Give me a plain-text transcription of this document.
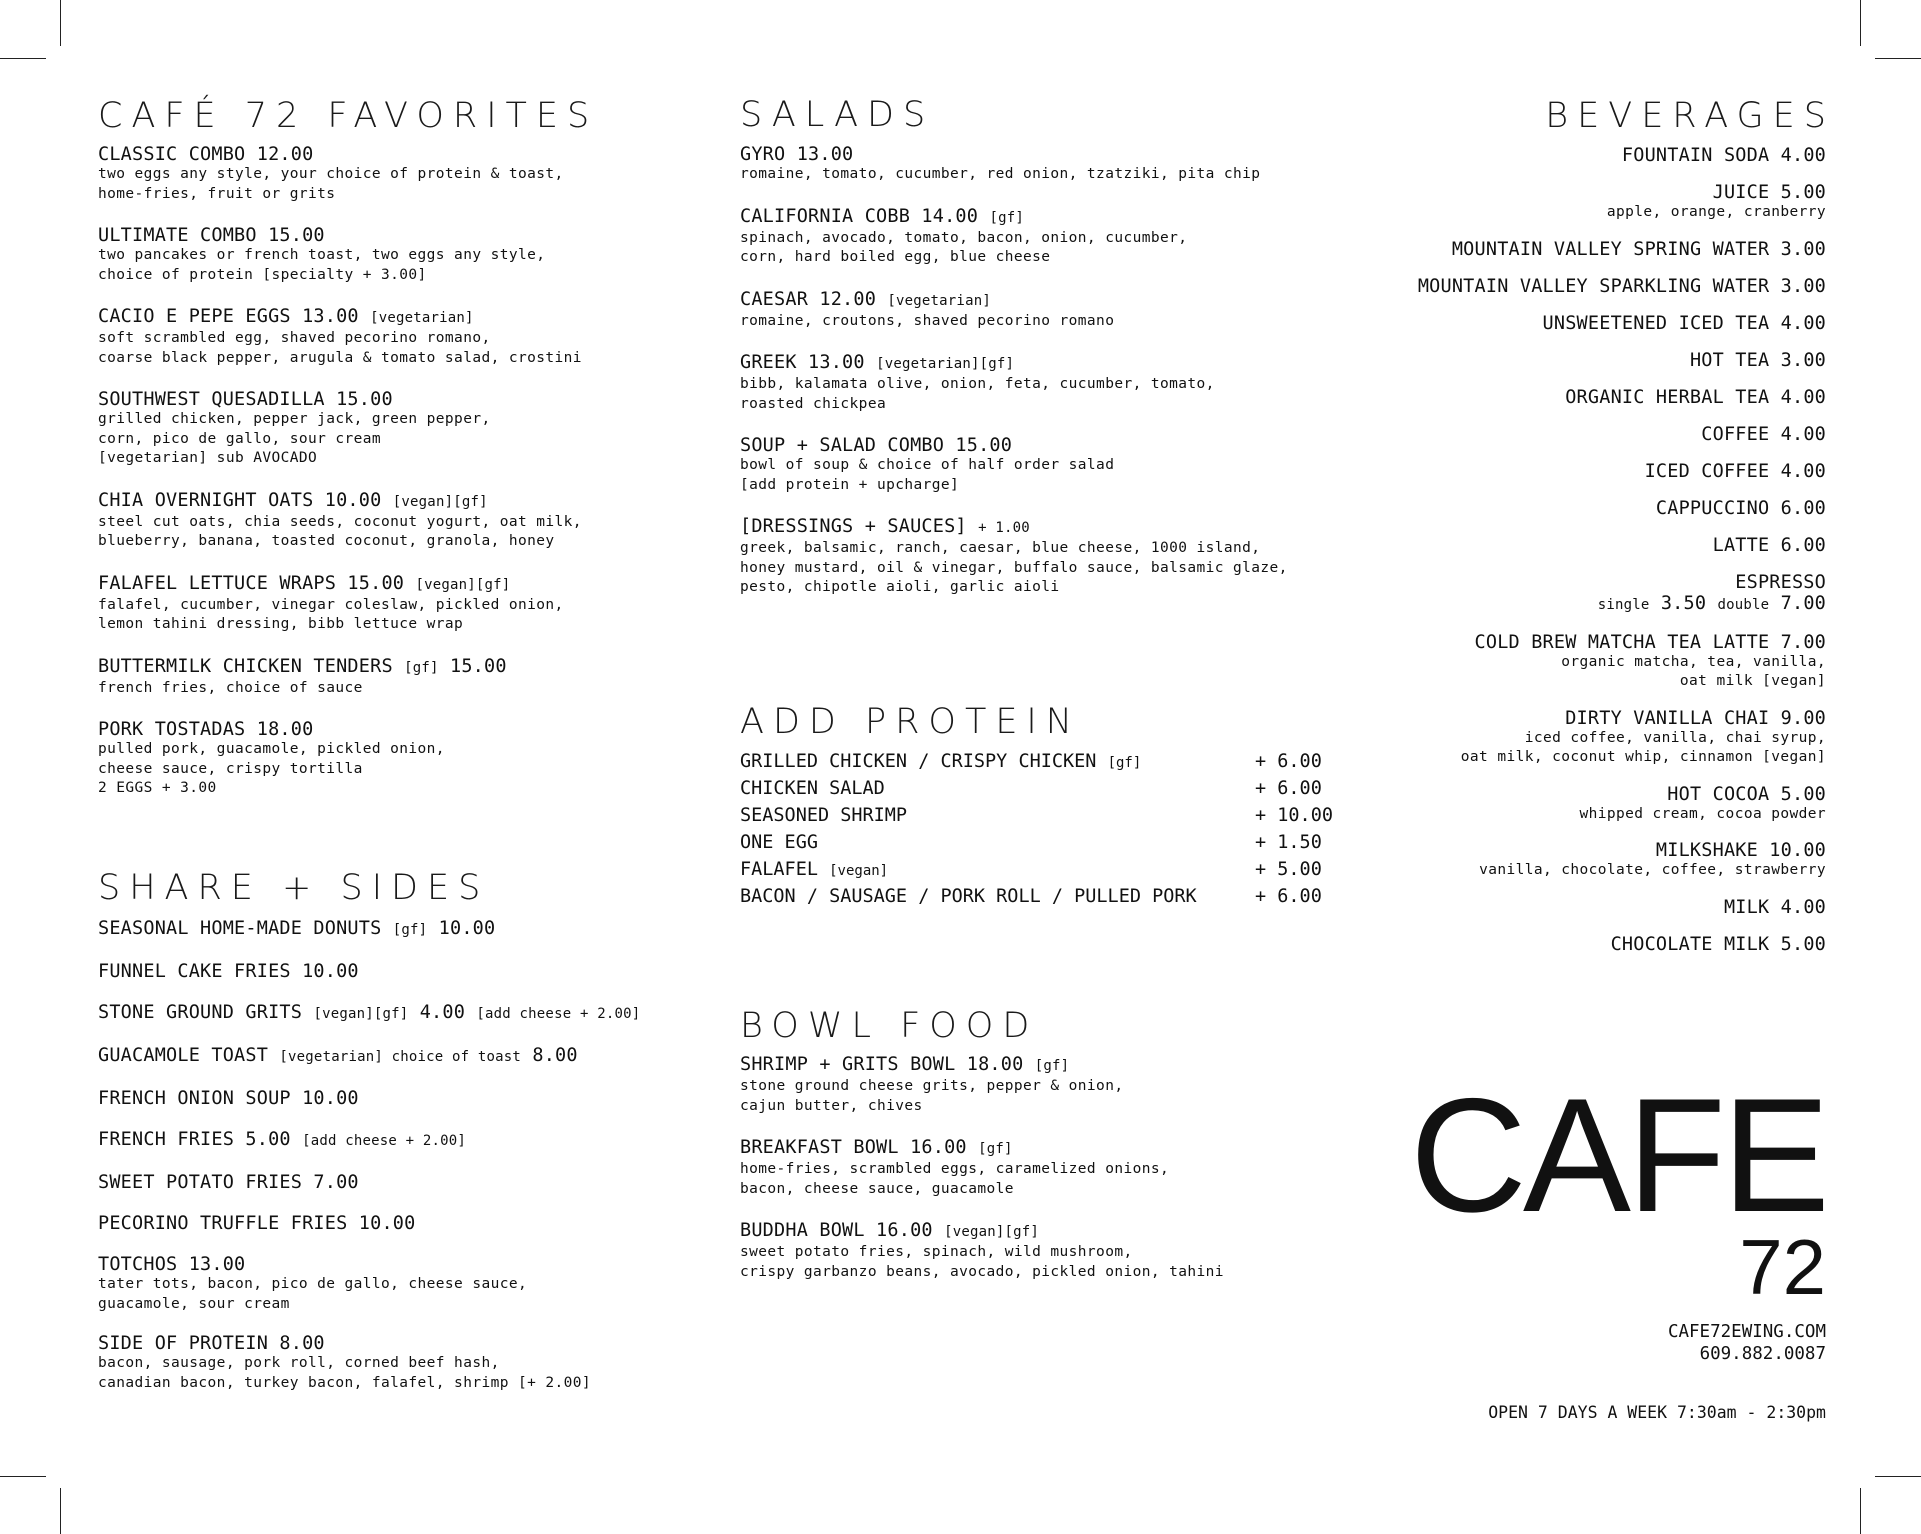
CAFÉ 72 FAVORITES
CLASSIC COMBO 12.00
two eggs any style, your choice of protein & toast,
home-fries, fruit or grits
ULTIMATE COMBO 15.00
two pancakes or french toast, two eggs any style,
choice of protein [specialty + 3.00]
CACIO E PEPE EGGS 13.00 [vegetarian]
soft scrambled egg, shaved pecorino romano,
coarse black pepper, arugula & tomato salad, crostini
SOUTHWEST QUESADILLA 15.00
grilled chicken, pepper jack, green pepper,
corn, pico de gallo, sour cream
[vegetarian] sub AVOCADO
CHIA OVERNIGHT OATS 10.00 [vegan][gf]
steel cut oats, chia seeds, coconut yogurt, oat milk,
blueberry, banana, toasted coconut, granola, honey
FALAFEL LETTUCE WRAPS 15.00 [vegan][gf]
falafel, cucumber, vinegar coleslaw, pickled onion,
lemon tahini dressing, bibb lettuce wrap
BUTTERMILK CHICKEN TENDERS [gf] 15.00
french fries, choice of sauce
PORK TOSTADAS 18.00
pulled pork, guacamole, pickled onion,
cheese sauce, crispy tortilla
2 EGGS + 3.00
SHARE + SIDES
SEASONAL HOME-MADE DONUTS [gf] 10.00
FUNNEL CAKE FRIES 10.00
STONE GROUND GRITS [vegan][gf] 4.00 [add cheese + 2.00]
GUACAMOLE TOAST [vegetarian] choice of toast 8.00
FRENCH ONION SOUP 10.00
FRENCH FRIES 5.00 [add cheese + 2.00]
SWEET POTATO FRIES 7.00
PECORINO TRUFFLE FRIES 10.00
TOTCHOS 13.00
tater tots, bacon, pico de gallo, cheese sauce,
guacamole, sour cream
SIDE OF PROTEIN 8.00
bacon, sausage, pork roll, corned beef hash,
canadian bacon, turkey bacon, falafel, shrimp [+ 2.00]
SALADS
GYRO 13.00
romaine, tomato, cucumber, red onion, tzatziki, pita chip
CALIFORNIA COBB 14.00 [gf]
spinach, avocado, tomato, bacon, onion, cucumber,
corn, hard boiled egg, blue cheese
CAESAR 12.00 [vegetarian]
romaine, croutons, shaved pecorino romano
GREEK 13.00 [vegetarian][gf]
bibb, kalamata olive, onion, feta, cucumber, tomato,
roasted chickpea
SOUP + SALAD COMBO 15.00
bowl of soup & choice of half order salad
[add protein + upcharge]
[DRESSINGS + SAUCES] + 1.00
greek, balsamic, ranch, caesar, blue cheese, 1000 island,
honey mustard, oil & vinegar, buffalo sauce, balsamic glaze,
pesto, chipotle aioli, garlic aioli
ADD PROTEIN
GRILLED CHICKEN / CRISPY CHICKEN [gf]	+ 6.00
CHICKEN SALAD	+ 6.00
SEASONED SHRIMP	+ 10.00
ONE EGG	+ 1.50
FALAFEL [vegan]	+ 5.00
BACON / SAUSAGE / PORK ROLL / PULLED PORK	+ 6.00
BOWL FOOD
SHRIMP + GRITS BOWL 18.00 [gf]
stone ground cheese grits, pepper & onion,
cajun butter, chives
BREAKFAST BOWL 16.00 [gf]
home-fries, scrambled eggs, caramelized onions,
bacon, cheese sauce, guacamole
BUDDHA BOWL 16.00 [vegan][gf]
sweet potato fries, spinach, wild mushroom,
crispy garbanzo beans, avocado, pickled onion, tahini
BEVERAGES
FOUNTAIN SODA 4.00
JUICE 5.00
apple, orange, cranberry
MOUNTAIN VALLEY SPRING WATER 3.00
MOUNTAIN VALLEY SPARKLING WATER 3.00
UNSWEETENED ICED TEA 4.00
HOT TEA 3.00
ORGANIC HERBAL TEA 4.00
COFFEE 4.00
ICED COFFEE 4.00
CAPPUCCINO 6.00
LATTE 6.00
ESPRESSO
single 3.50 double 7.00
COLD BREW MATCHA TEA LATTE 7.00
organic matcha, tea, vanilla,
oat milk [vegan]
DIRTY VANILLA CHAI 9.00
iced coffee, vanilla, chai syrup,
oat milk, coconut whip, cinnamon [vegan]
HOT COCOA 5.00
whipped cream, cocoa powder
MILKSHAKE 10.00
vanilla, chocolate, coffee, strawberry
MILK 4.00
CHOCOLATE MILK 5.00
CAFE
72
CAFE72EWING.COM
609.882.0087
OPEN 7 DAYS A WEEK 7:30am - 2:30pm
